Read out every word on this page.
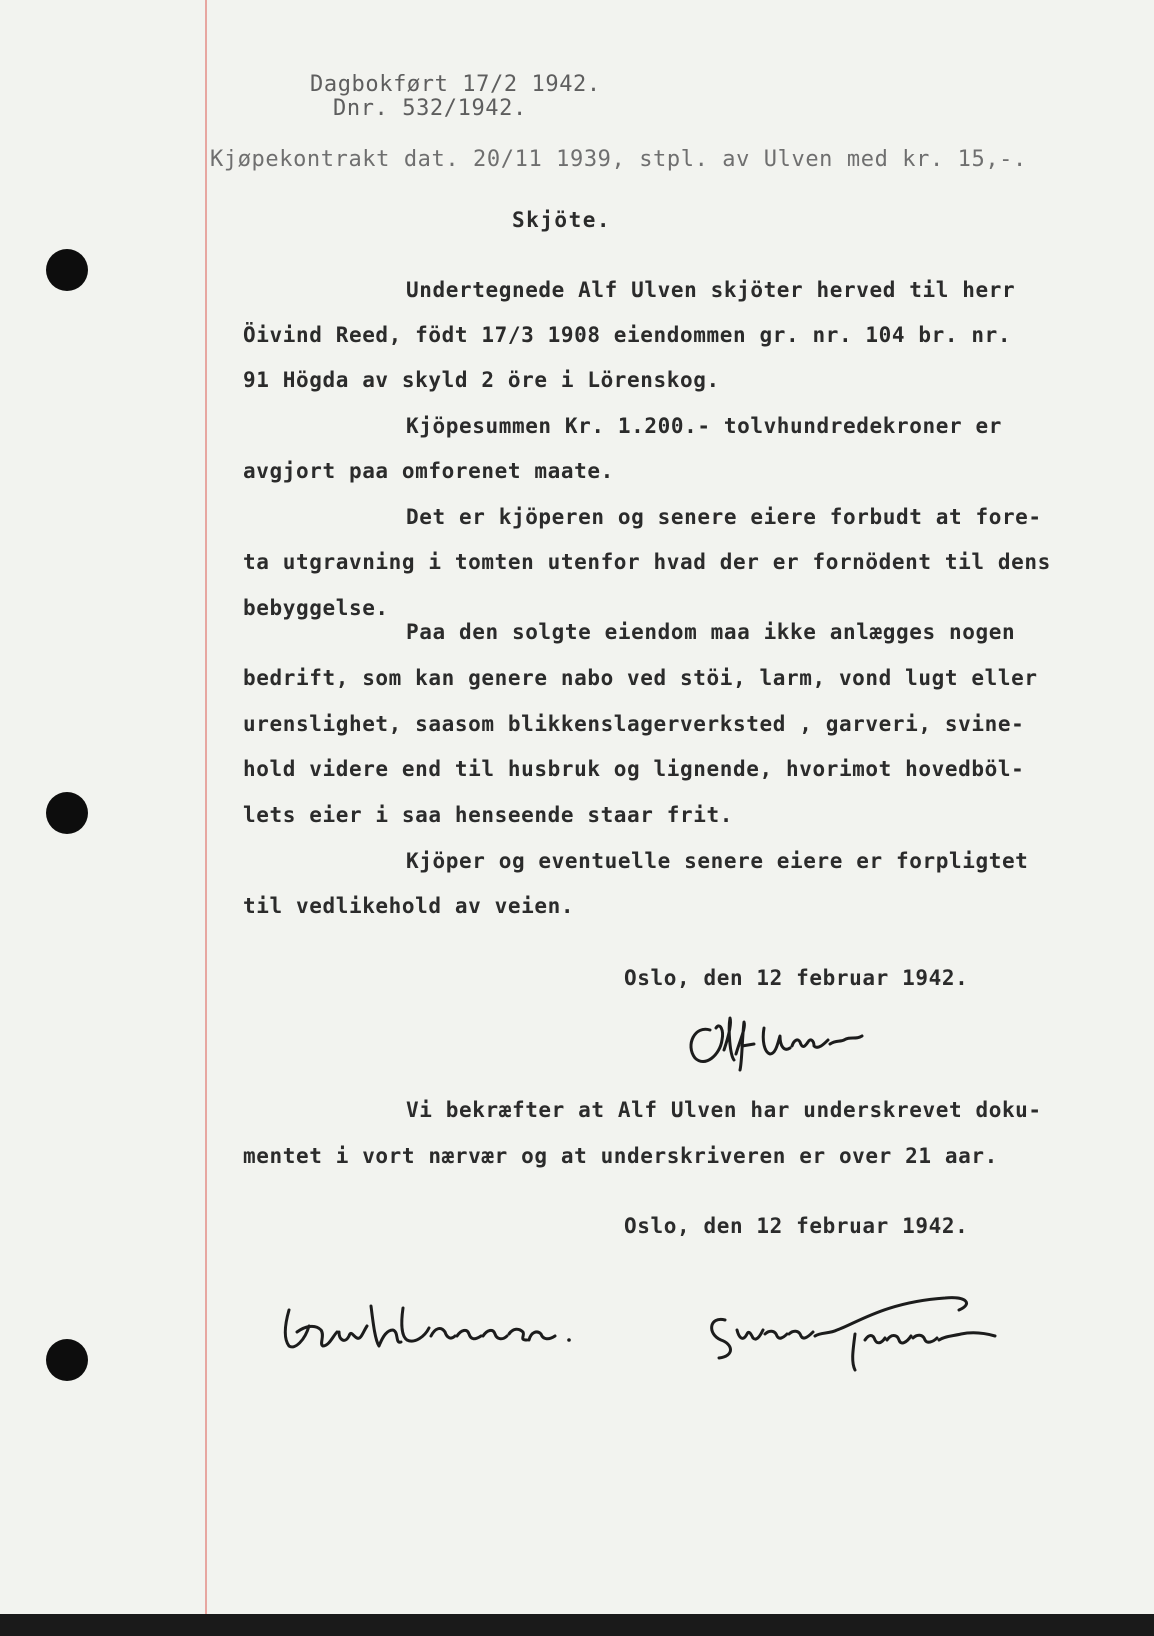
Dagbokført 17/2 1942.
Dnr. 532/1942.
Kjøpekontrakt dat. 20/11 1939, stpl. av Ulven med kr. 15,-.
Skjöte.
Undertegnede Alf Ulven skjöter herved til herr
Öivind Reed, födt 17/3 1908 eiendommen gr. nr. 104 br. nr.
91 Högda av skyld 2 öre i Lörenskog.
Kjöpesummen Kr. 1.200.- tolvhundredekroner er
avgjort paa omforenet maate.
Det er kjöperen og senere eiere forbudt at fore-
ta utgravning i tomten utenfor hvad der er fornödent til dens
bebyggelse.
Paa den solgte eiendom maa ikke anlægges nogen
bedrift, som kan genere nabo ved stöi, larm, vond lugt eller
urenslighet, saasom blikkenslagerverksted , garveri, svine-
hold videre end til husbruk og lignende, hvorimot hovedböl-
lets eier i saa henseende staar frit.
Kjöper og eventuelle senere eiere er forpligtet
til vedlikehold av veien.
Oslo, den 12 februar 1942.
Vi bekræfter at Alf Ulven har underskrevet doku-
mentet i vort nærvær og at underskriveren er over 21 aar.
Oslo, den 12 februar 1942.
